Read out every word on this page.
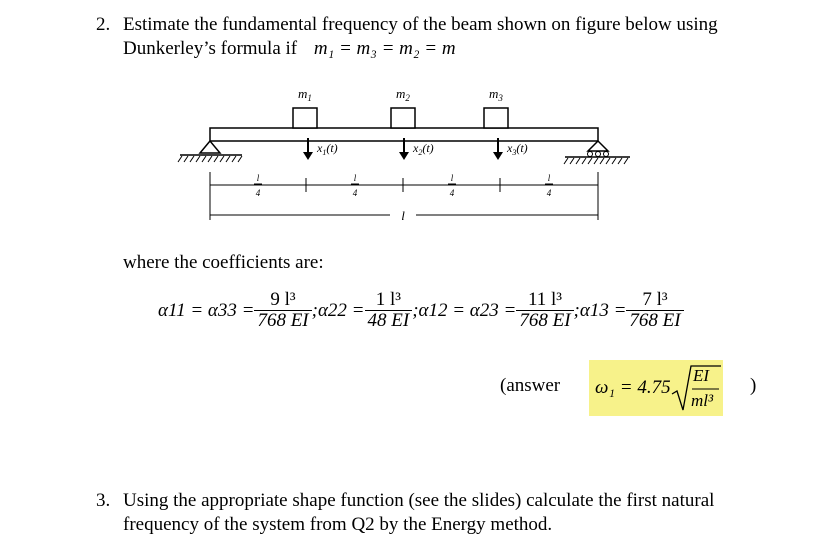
2. Estimate the fundamental frequency of the beam shown on figure below using
Dunkerley’s formula if m₁ = m₃ = m₂ = m
$m_1$	$m_2$	$m_3$
$x_1(t)$	$x_2(t)$	$x_3(t)$
l
4
l
4
l
4
l
4
l
where the coefficients are:
$\alpha 11 = \alpha 33 = \frac{\text{9 l³}}{768 EI}$ ;α22 = $\frac{\text{1 l³}}{48 EI}$ ;α12 = $\alpha 23 = \frac{\text{11 l³}}{768 EI}$ ;α13 = $\frac{\text{7 l³}}{768 EI}$
(answer ω₁ = 4.75
EI
ml³
)
3. Using the appropriate shape function (see the slides) calculate the first natural
frequency of the system from Q2 by the Energy method.
